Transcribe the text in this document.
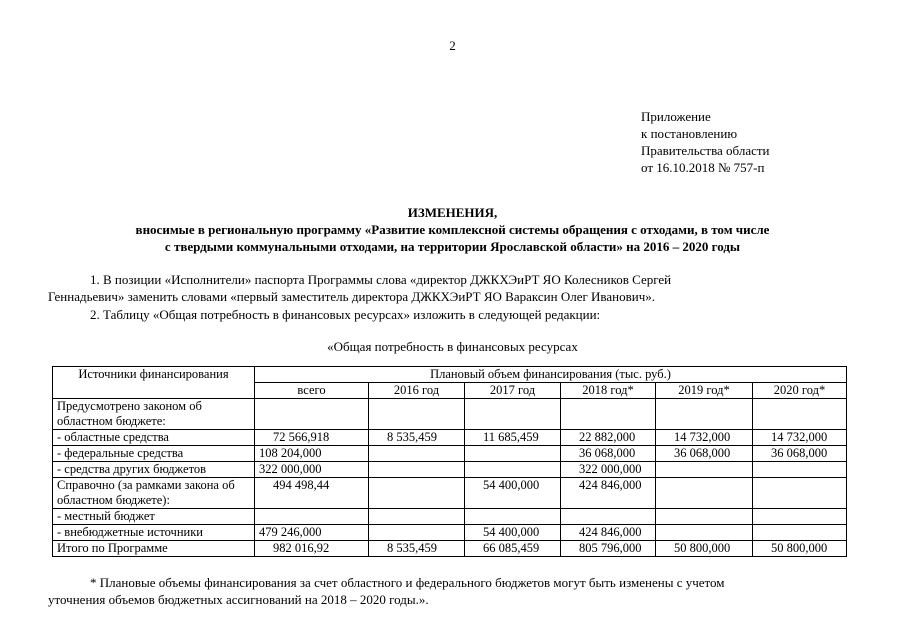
2
Приложение
к постановлению
Правительства области
от 16.10.2018 № 757-п
ИЗМЕНЕНИЯ,
вносимые в региональную программу «Развитие комплексной системы обращения с отходами, в том числе
с твердыми коммунальными отходами, на территории Ярославской области» на 2016 – 2020 годы
1. В позиции «Исполнители» паспорта Программы слова «директор ДЖКХЭиРТ ЯО Колесников Сергей
Геннадьевич» заменить словами «первый заместитель директора ДЖКХЭиРТ ЯО Вараксин Олег Иванович».
2. Таблицу «Общая потребность в финансовых ресурсах» изложить в следующей редакции:
«Общая потребность в финансовых ресурсах
Источники финансирования	Плановый объем финансирования (тыс. руб.)					
	всего	2016 год	2017 год	2018 год*	2019 год*	2020 год*
Предусмотрено законом об областном бюджете:						
- областные средства	72 566,918	8 535,459	11 685,459	22 882,000	14 732,000	14 732,000
- федеральные средства	108 204,000			36 068,000	36 068,000	36 068,000
- средства других бюджетов	322 000,000			322 000,000		
Справочно (за рамками закона об областном бюджете):	494 498,44		54 400,000	424 846,000		
- местный бюджет						
- внебюджетные источники	479 246,000		54 400,000	424 846,000		
Итого по Программе	982 016,92	8 535,459	66 085,459	805 796,000	50 800,000	50 800,000
* Плановые объемы финансирования за счет областного и федерального бюджетов могут быть изменены с учетом
уточнения объемов бюджетных ассигнований на 2018 – 2020 годы.».
